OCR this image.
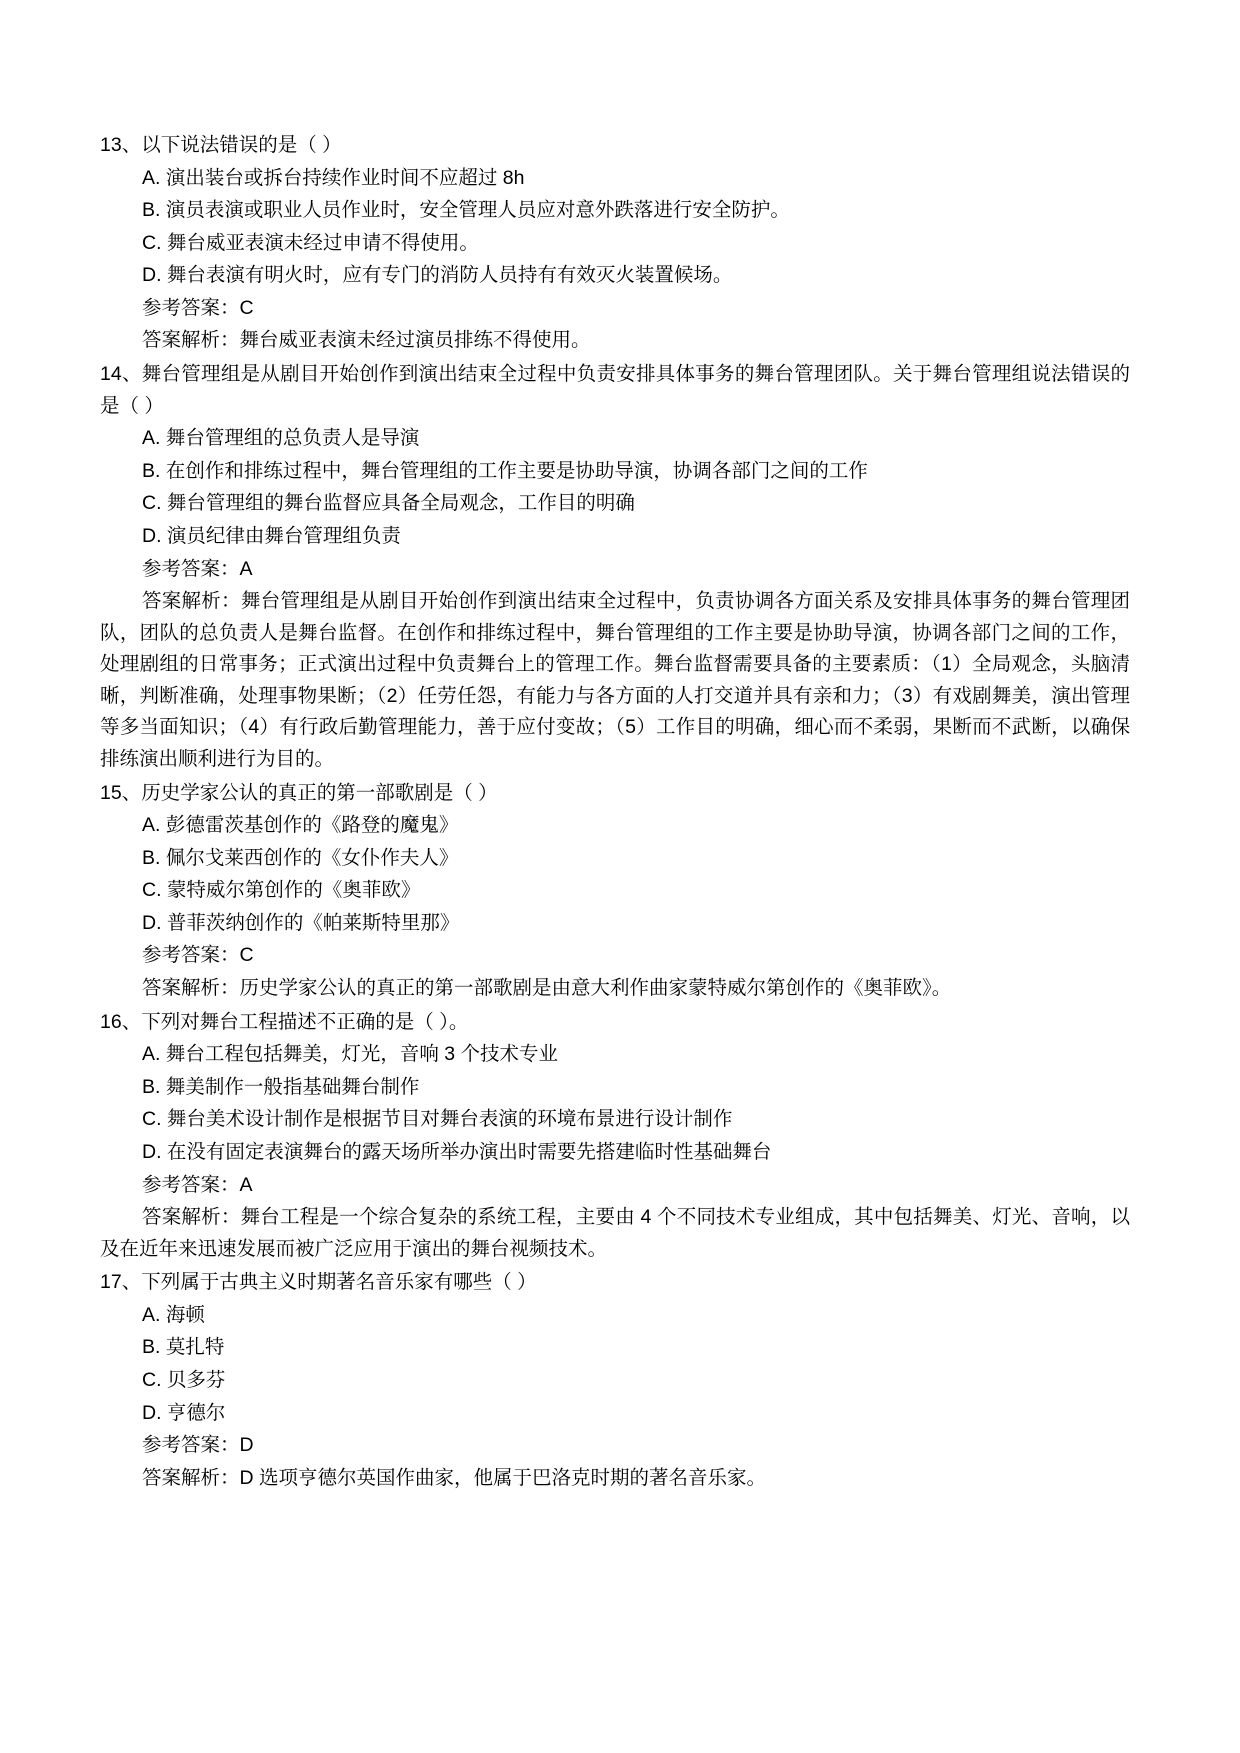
13、以下说法错误的是（ ）

A. 演出装台或拆台持续作业时间不应超过 8h

B. 演员表演或职业人员作业时，安全管理人员应对意外跌落进行安全防护。

C. 舞台威亚表演未经过申请不得使用。

D. 舞台表演有明火时，应有专门的消防人员持有有效灭火装置候场。

参考答案：C

答案解析：舞台威亚表演未经过演员排练不得使用。

14、舞台管理组是从剧目开始创作到演出结束全过程中负责安排具体事务的舞台管理团队。关于舞台管理组说法错误的是（ ）

A. 舞台管理组的总负责人是导演

B. 在创作和排练过程中，舞台管理组的工作主要是协助导演，协调各部门之间的工作

C. 舞台管理组的舞台监督应具备全局观念，工作目的明确

D. 演员纪律由舞台管理组负责

参考答案：A

答案解析：舞台管理组是从剧目开始创作到演出结束全过程中，负责协调各方面关系及安排具体事务的舞台管理团队，团队的总负责人是舞台监督。在创作和排练过程中，舞台管理组的工作主要是协助导演，协调各部门之间的工作，处理剧组的日常事务；正式演出过程中负责舞台上的管理工作。舞台监督需要具备的主要素质：（1）全局观念，头脑清晰，判断准确，处理事物果断；（2）任劳任怨，有能力与各方面的人打交道并具有亲和力；（3）有戏剧舞美，演出管理等多当面知识；（4）有行政后勤管理能力，善于应付变故；（5）工作目的明确，细心而不柔弱，果断而不武断，以确保排练演出顺利进行为目的。

15、历史学家公认的真正的第一部歌剧是（ ）

A. 彭德雷茨基创作的《路登的魔鬼》

B. 佩尔戈莱西创作的《女仆作夫人》

C. 蒙特威尔第创作的《奥菲欧》

D. 普菲茨纳创作的《帕莱斯特里那》

参考答案：C

答案解析：历史学家公认的真正的第一部歌剧是由意大利作曲家蒙特威尔第创作的《奥菲欧》。

16、下列对舞台工程描述不正确的是（ ）。

A. 舞台工程包括舞美，灯光，音响 3 个技术专业

B. 舞美制作一般指基础舞台制作

C. 舞台美术设计制作是根据节目对舞台表演的环境布景进行设计制作

D. 在没有固定表演舞台的露天场所举办演出时需要先搭建临时性基础舞台

参考答案：A

答案解析：舞台工程是一个综合复杂的系统工程，主要由 4 个不同技术专业组成，其中包括舞美、灯光、音响，以及在近年来迅速发展而被广泛应用于演出的舞台视频技术。

17、下列属于古典主义时期著名音乐家有哪些（ ）

A. 海顿

B. 莫扎特

C. 贝多芬

D. 亨德尔

参考答案：D

答案解析：D 选项亨德尔英国作曲家，他属于巴洛克时期的著名音乐家。
